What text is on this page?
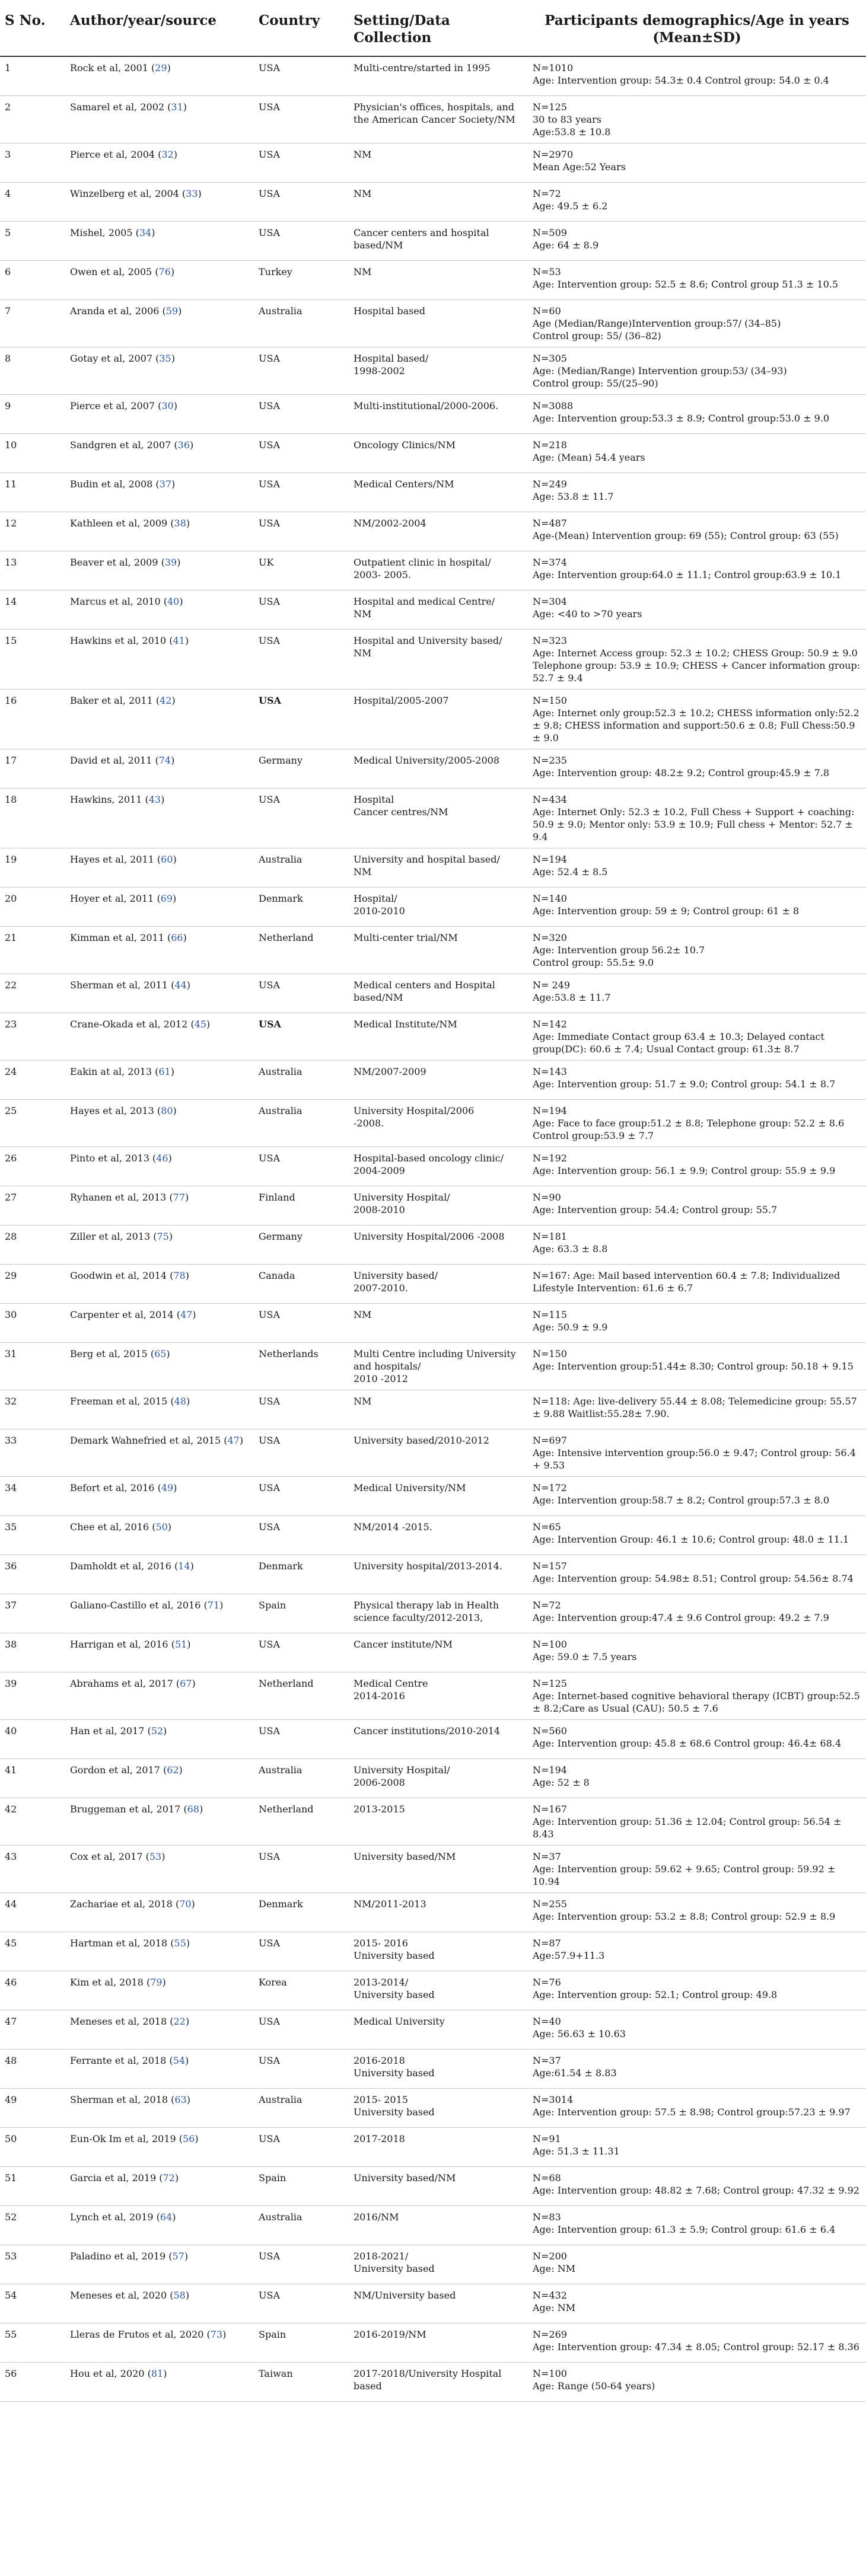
S No.	Author/year/source	Country	Setting/Data Collection	Participants demographics/Age in years (Mean±SD)
1	Rock et al, 2001 (29)	USA	Multi-centre/started in 1995	N=1010
Age: Intervention group: 54.3± 0.4 Control group: 54.0 ± 0.4
2	Samarel et al, 2002 (31)	USA	Physician's offices, hospitals, and the American Cancer Society/NM	N=125
30 to 83 years
Age:53.8 ± 10.8
3	Pierce et al, 2004 (32)	USA	NM	N=2970
Mean Age:52 Years
4	Winzelberg et al, 2004 (33)	USA	NM	N=72
Age: 49.5 ± 6.2
5	Mishel, 2005 (34)	USA	Cancer centers and hospital based/NM	N=509
Age: 64 ± 8.9
6	Owen et al, 2005 (76)	Turkey	NM	N=53
Age: Intervention group: 52.5 ± 8.6; Control group 51.3 ± 10.5
7	Aranda et al, 2006 (59)	Australia	Hospital based	N=60
Age (Median/Range)Intervention group:57/ (34–85)
Control group: 55/ (36–82)
8	Gotay et al, 2007 (35)	USA	Hospital based/
1998-2002	N=305
Age: (Median/Range) Intervention group:53/ (34–93)
Control group: 55/(25–90)
9	Pierce et al, 2007 (30)	USA	Multi-institutional/2000-2006.	N=3088
Age: Intervention group:53.3 ± 8.9; Control group:53.0 ± 9.0
10	Sandgren et al, 2007 (36)	USA	Oncology Clinics/NM	N=218
Age: (Mean) 54.4 years
11	Budin et al, 2008 (37)	USA	Medical Centers/NM	N=249
Age: 53.8 ± 11.7
12	Kathleen et al, 2009 (38)	USA	NM/2002-2004	N=487
Age-(Mean) Intervention group: 69 (55); Control group: 63 (55)
13	Beaver et al, 2009 (39)	UK	Outpatient clinic in hospital/
2003- 2005.	N=374
Age: Intervention group:64.0 ± 11.1; Control group:63.9 ± 10.1
14	Marcus et al, 2010 (40)	USA	Hospital and medical Centre/
NM	N=304
Age: <40 to >70 years
15	Hawkins et al, 2010 (41)	USA	Hospital and University based/
NM	N=323
Age: Internet Access group: 52.3 ± 10.2; CHESS Group: 50.9 ± 9.0
Telephone group: 53.9 ± 10.9; CHESS + Cancer information group: 52.7 ± 9.4
16	Baker et al, 2011 (42)	USA	Hospital/2005-2007	N=150
Age: Internet only group:52.3 ± 10.2; CHESS information only:52.2 ± 9.8; CHESS information and support:50.6 ± 0.8; Full Chess:50.9 ± 9.0
17	David et al, 2011 (74)	Germany	Medical University/2005-2008	N=235
Age: Intervention group: 48.2± 9.2; Control group:45.9 ± 7.8
18	Hawkins, 2011 (43)	USA	Hospital
Cancer centres/NM	N=434
Age: Internet Only: 52.3 ± 10.2, Full Chess + Support + coaching: 50.9 ± 9.0; Mentor only: 53.9 ± 10.9; Full chess + Mentor: 52.7 ± 9.4
19	Hayes et al, 2011 (60)	Australia	University and hospital based/
NM	N=194
Age: 52.4 ± 8.5
20	Hoyer et al, 2011 (69)	Denmark	Hospital/
2010-2010	N=140
Age: Intervention group: 59 ± 9; Control group: 61 ± 8
21	Kimman et al, 2011 (66)	Netherland	Multi-center trial/NM	N=320
Age: Intervention group 56.2± 10.7
Control group: 55.5± 9.0
22	Sherman et al, 2011 (44)	USA	Medical centers and Hospital based/NM	N= 249
Age:53.8 ± 11.7
23	Crane-Okada et al, 2012 (45)	USA	Medical Institute/NM	N=142
Age: Immediate Contact group 63.4 ± 10.3; Delayed contact group(DC): 60.6 ± 7.4; Usual Contact group: 61.3± 8.7
24	Eakin at al, 2013 (61)	Australia	NM/2007-2009	N=143
Age: Intervention group: 51.7 ± 9.0; Control group: 54.1 ± 8.7
25	Hayes et al, 2013 (80)	Australia	University Hospital/2006
-2008.	N=194
Age: Face to face group:51.2 ± 8.8; Telephone group: 52.2 ± 8.6
Control group:53.9 ± 7.7
26	Pinto et al, 2013 (46)	USA	Hospital-based oncology clinic/
2004-2009	N=192
Age: Intervention group: 56.1 ± 9.9; Control group: 55.9 ± 9.9
27	Ryhanen et al, 2013 (77)	Finland	University Hospital/
2008-2010	N=90
Age: Intervention group: 54.4; Control group: 55.7
28	Ziller et al, 2013 (75)	Germany	University Hospital/2006 -2008	N=181
Age: 63.3 ± 8.8
29	Goodwin et al, 2014 (78)	Canada	University based/
2007-2010.	N=167: Age: Mail based intervention 60.4 ± 7.8; Individualized Lifestyle Intervention: 61.6 ± 6.7
30	Carpenter et al, 2014 (47)	USA	NM	N=115
Age: 50.9 ± 9.9
31	Berg et al, 2015 (65)	Netherlands	Multi Centre including University and hospitals/
2010 -2012	N=150
Age: Intervention group:51.44± 8.30; Control group: 50.18 + 9.15
32	Freeman et al, 2015 (48)	USA	NM	N=118: Age: live-delivery 55.44 ± 8.08; Telemedicine group: 55.57 ± 9.88 Waitlist:55.28± 7.90.
33	Demark Wahnefried et al, 2015 (47)	USA	University based/2010-2012	N=697
Age: Intensive intervention group:56.0 ± 9.47; Control group: 56.4 + 9.53
34	Befort et al, 2016 (49)	USA	Medical University/NM	N=172
Age: Intervention group:58.7 ± 8.2; Control group:57.3 ± 8.0
35	Chee et al, 2016 (50)	USA	NM/2014 -2015.	N=65
Age: Intervention Group: 46.1 ± 10.6; Control group: 48.0 ± 11.1
36	Damholdt et al, 2016 (14)	Denmark	University hospital/2013-2014.	N=157
Age: Intervention group: 54.98± 8.51; Control group: 54.56± 8.74
37	Galiano-Castillo et al, 2016 (71)	Spain	Physical therapy lab in Health science faculty/2012-2013,	N=72
Age: Intervention group:47.4 ± 9.6 Control group: 49.2 ± 7.9
38	Harrigan et al, 2016 (51)	USA	Cancer institute/NM	N=100
Age: 59.0 ± 7.5 years
39	Abrahams et al, 2017 (67)	Netherland	Medical Centre
2014-2016	N=125
Age: Internet-based cognitive behavioral therapy (ICBT) group:52.5 ± 8.2;Care as Usual (CAU): 50.5 ± 7.6
40	Han et al, 2017 (52)	USA	Cancer institutions/2010-2014	N=560
Age: Intervention group: 45.8 ± 68.6 Control group: 46.4± 68.4
41	Gordon et al, 2017 (62)	Australia	University Hospital/
2006-2008	N=194
Age: 52 ± 8
42	Bruggeman et al, 2017 (68)	Netherland	2013-2015	N=167
Age: Intervention group: 51.36 ± 12.04; Control group: 56.54 ± 8.43
43	Cox et al, 2017 (53)	USA	University based/NM	N=37
Age: Intervention group: 59.62 + 9.65; Control group: 59.92 ± 10.94
44	Zachariae et al, 2018 (70)	Denmark	NM/2011-2013	N=255
Age: Intervention group: 53.2 ± 8.8; Control group: 52.9 ± 8.9
45	Hartman et al, 2018 (55)	USA	2015- 2016
University based	N=87
Age:57.9+11.3
46	Kim et al, 2018 (79)	Korea	2013-2014/
University based	N=76
Age: Intervention group: 52.1; Control group: 49.8
47	Meneses et al, 2018 (22)	USA	Medical University	N=40
Age: 56.63 ± 10.63
48	Ferrante et al, 2018 (54)	USA	2016-2018
University based	N=37
Age:61.54 ± 8.83
49	Sherman et al, 2018 (63)	Australia	2015- 2015
University based	N=3014
Age: Intervention group: 57.5 ± 8.98; Control group:57.23 ± 9.97
50	Eun-Ok Im et al, 2019 (56)	USA	2017-2018	N=91
Age: 51.3 ± 11.31
51	Garcia et al, 2019 (72)	Spain	University based/NM	N=68
Age: Intervention group: 48.82 ± 7.68; Control group: 47.32 ± 9.92
52	Lynch et al, 2019 (64)	Australia	2016/NM	N=83
Age: Intervention group: 61.3 ± 5.9; Control group: 61.6 ± 6.4
53	Paladino et al, 2019 (57)	USA	2018-2021/
University based	N=200
Age: NM
54	Meneses et al, 2020 (58)	USA	NM/University based	N=432
Age: NM
55	Lleras de Frutos et al, 2020 (73)	Spain	2016-2019/NM	N=269
Age: Intervention group: 47.34 ± 8.05; Control group: 52.17 ± 8.36
56	Hou et al, 2020 (81)	Taiwan	2017-2018/University Hospital based	N=100
Age: Range (50-64 years)
